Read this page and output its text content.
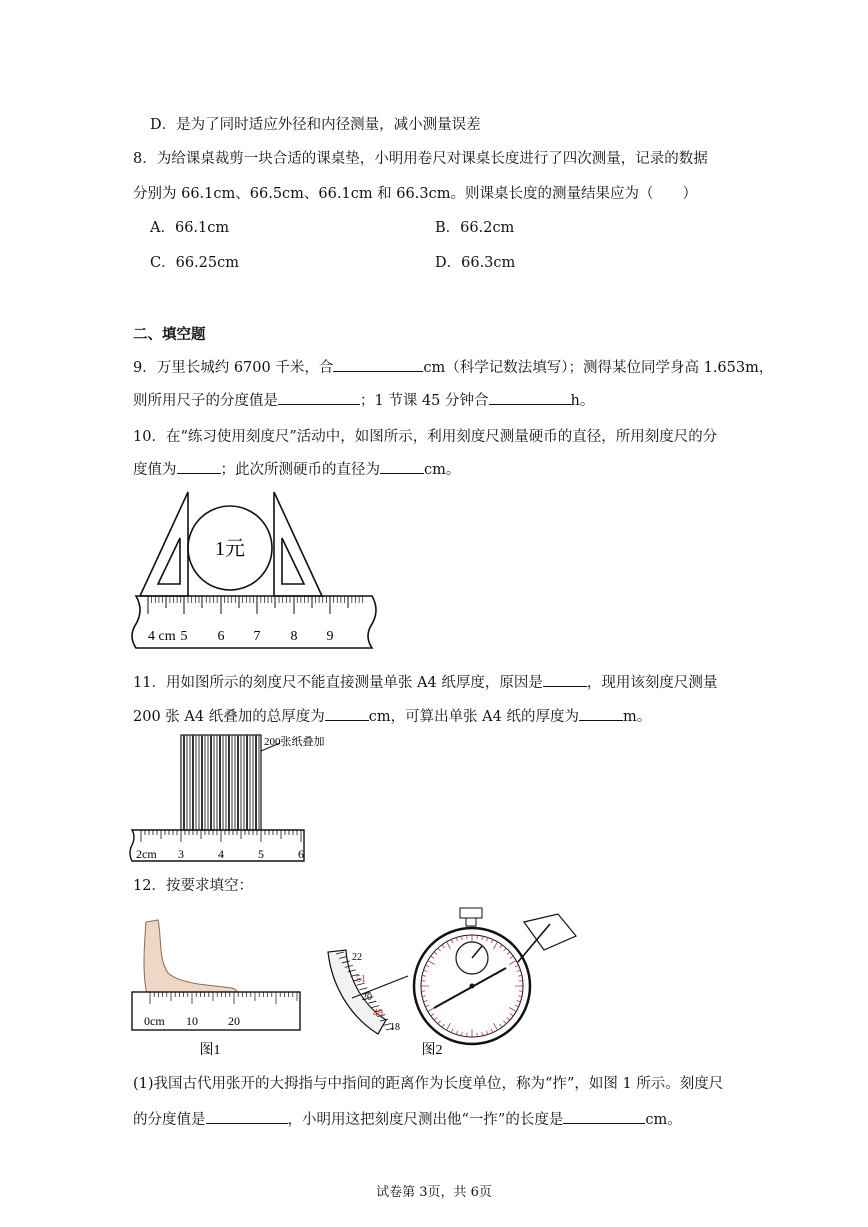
D．是为了同时适应外径和内径测量，减小测量误差
8．为给课桌裁剪一块合适的课桌垫，小明用卷尺对课桌长度进行了四次测量，记录的数据
分别为 66.1cm、66.5cm、66.1cm 和 66.3cm。则课桌长度的测量结果应为（　　）
A．66.1cm	B．66.2cm
C．66.25cm	D．66.3cm
二、填空题
9．万里长城约 6700 千米，合	cm（科学记数法填写）；测得某位同学身高 1.653m，
则所用尺子的分度值是	；1 节课 45 分钟合	h。
10．在“练习使用刻度尺”活动中，如图所示，利用刻度尺测量硬币的直径，所用刻度尺的分
度值为	；此次所测硬币的直径为	cm。
1元
4 cm 5 6 7 8 9
11．用如图所示的刻度尺不能直接测量单张 A4 纸厚度，原因是	，现用该刻度尺测量
200 张 A4 纸叠加的总厚度为	cm，可算出单张 A4 纸的厚度为	m。
200张纸叠加
2cm 3	4	5	6
12．按要求填空：
0cm 10	20
图1
22
51
20
49
18
图2
(1)我国古代用张开的大拇指与中指间的距离作为长度单位，称为“拃”，如图 1 所示。刻度尺
的分度值是	，小明用这把刻度尺测出他“一拃”的长度是	cm。
试卷第 3页，共 6页
